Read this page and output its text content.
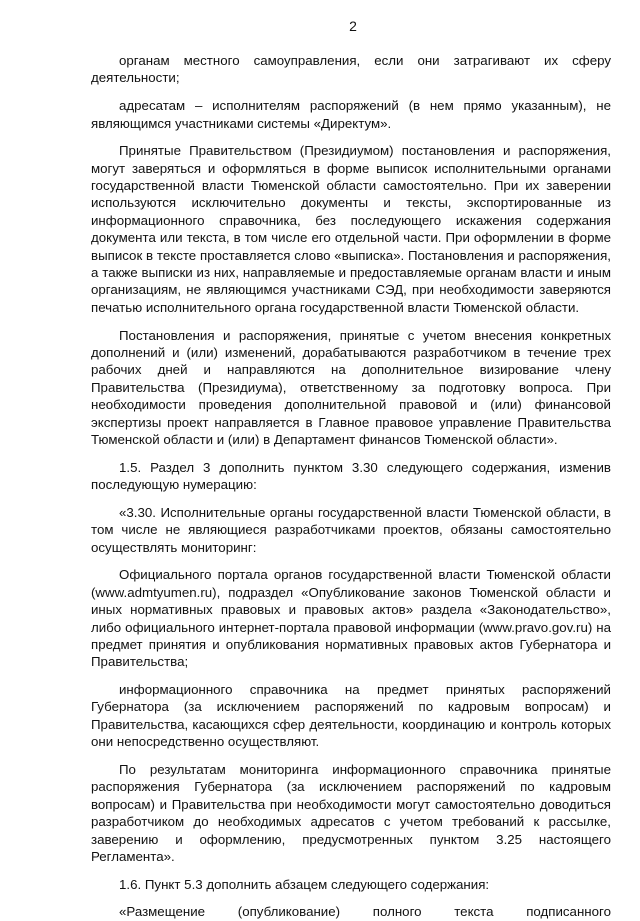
2

органам местного самоуправления, если они затрагивают их сферу деятельности;

адресатам – исполнителям распоряжений (в нем прямо указанным), не являющимся участниками системы «Директум».

Принятые Правительством (Президиумом) постановления и распоряжения, могут заверяться и оформляться в форме выписок исполнительными органами государственной власти Тюменской области самостоятельно. При их заверении используются исключительно документы и тексты, экспортированные из информационного справочника, без последующего искажения содержания документа или текста, в том числе его отдельной части. При оформлении в форме выписок в тексте проставляется слово «выписка». Постановления и распоряжения, а также выписки из них, направляемые и предоставляемые органам власти и иным организациям, не являющимся участниками СЭД, при необходимости заверяются печатью исполнительного органа государственной власти Тюменской области.

Постановления и распоряжения, принятые с учетом внесения конкретных дополнений и (или) изменений, дорабатываются разработчиком в течение трех рабочих дней и направляются на дополнительное визирование члену Правительства (Президиума), ответственному за подготовку вопроса. При необходимости проведения дополнительной правовой и (или) финансовой экспертизы проект направляется в Главное правовое управление Правительства Тюменской области и (или) в Департамент финансов Тюменской области».

1.5. Раздел 3 дополнить пунктом 3.30 следующего содержания, изменив последующую нумерацию:

«3.30. Исполнительные органы государственной власти Тюменской области, в том числе не являющиеся разработчиками проектов, обязаны самостоятельно осуществлять мониторинг:

Официального портала органов государственной власти Тюменской области (www.admtyumen.ru), подраздел «Опубликование законов Тюменской области и иных нормативных правовых и правовых актов» раздела «Законодательство», либо официального интернет-портала правовой информации (www.pravo.gov.ru) на предмет принятия и опубликования нормативных правовых актов Губернатора и Правительства;

информационного справочника на предмет принятых распоряжений Губернатора (за исключением распоряжений по кадровым вопросам) и Правительства, касающихся сфер деятельности, координацию и контроль которых они непосредственно осуществляют.

По результатам мониторинга информационного справочника принятые распоряжения Губернатора (за исключением распоряжений по кадровым вопросам) и Правительства при необходимости могут самостоятельно доводиться разработчиком до необходимых адресатов с учетом требований к рассылке, заверению и оформлению, предусмотренных пунктом 3.25 настоящего Регламента».

1.6. Пункт 5.3 дополнить абзацем следующего содержания:

«Размещение (опубликование) полного текста подписанного
